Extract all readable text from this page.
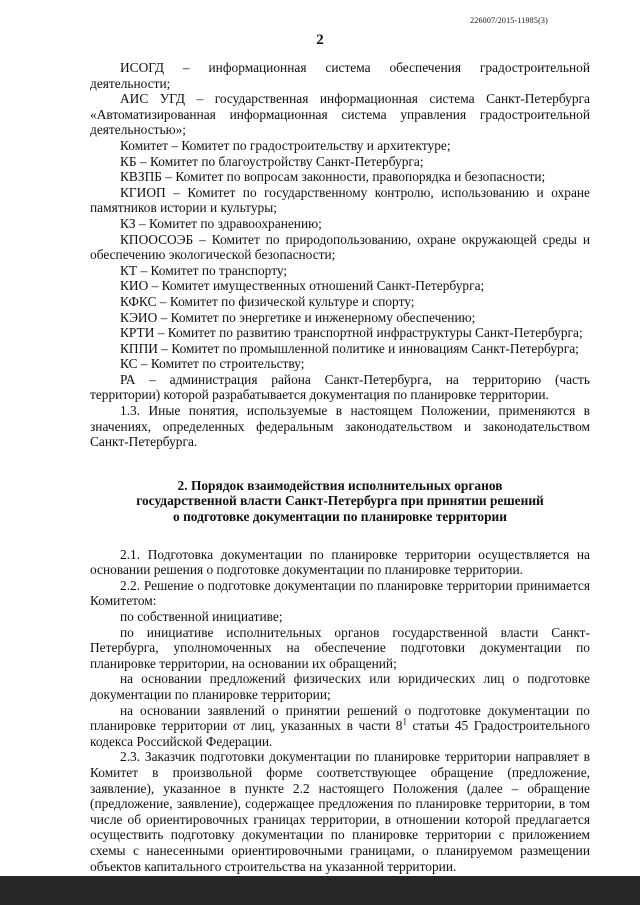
226007/2015-11985(3)
2

ИСОГД – информационная система обеспечения градостроительной деятельности;

АИС УГД – государственная информационная система Санкт-Петербурга «Автоматизированная информационная система управления градостроительной деятельностью»;

Комитет – Комитет по градостроительству и архитектуре;

КБ – Комитет по благоустройству Санкт-Петербурга;

КВЗПБ – Комитет по вопросам законности, правопорядка и безопасности;

КГИОП – Комитет по государственному контролю, использованию и охране памятников истории и культуры;

КЗ – Комитет по здравоохранению;

КПООСОЭБ – Комитет по природопользованию, охране окружающей среды и обеспечению экологической безопасности;

КТ – Комитет по транспорту;

КИО – Комитет имущественных отношений Санкт-Петербурга;

КФКС – Комитет по физической культуре и спорту;

КЭИО – Комитет по энергетике и инженерному обеспечению;

КРТИ – Комитет по развитию транспортной инфраструктуры Санкт-Петербурга;

КППИ – Комитет по промышленной политике и инновациям Санкт-Петербурга;

КС – Комитет по строительству;

РА – администрация района Санкт-Петербурга, на территорию (часть территории) которой разрабатывается документация по планировке территории.

1.3. Иные понятия, используемые в настоящем Положении, применяются в значениях, определенных федеральным законодательством и законодательством Санкт-Петербурга.

2. Порядок взаимодействия исполнительных органов

государственной власти Санкт-Петербурга при принятии решений

о подготовке документации по планировке территории

2.1. Подготовка документации по планировке территории осуществляется на основании решения о подготовке документации по планировке территории.

2.2. Решение о подготовке документации по планировке территории принимается Комитетом:

по собственной инициативе;

по инициативе исполнительных органов государственной власти Санкт-Петербурга, уполномоченных на обеспечение подготовки документации по планировке территории, на основании их обращений;

на основании предложений физических или юридических лиц о подготовке документации по планировке территории;

на основании заявлений о принятии решений о подготовке документации по планировке территории от лиц, указанных в части $8^1$ статьи 45 Градостроительного кодекса Российской Федерации.

2.3. Заказчик подготовки документации по планировке территории направляет в Комитет в произвольной форме соответствующее обращение (предложение, заявление), указанное в пункте 2.2 настоящего Положения (далее – обращение (предложение, заявление), содержащее предложения по планировке территории, в том числе об ориентировочных границах территории, в отношении которой предлагается осуществить подготовку документации по планировке территории с приложением схемы с нанесенными ориентировочными границами, о планируемом размещении объектов капитального строительства на указанной территории.
